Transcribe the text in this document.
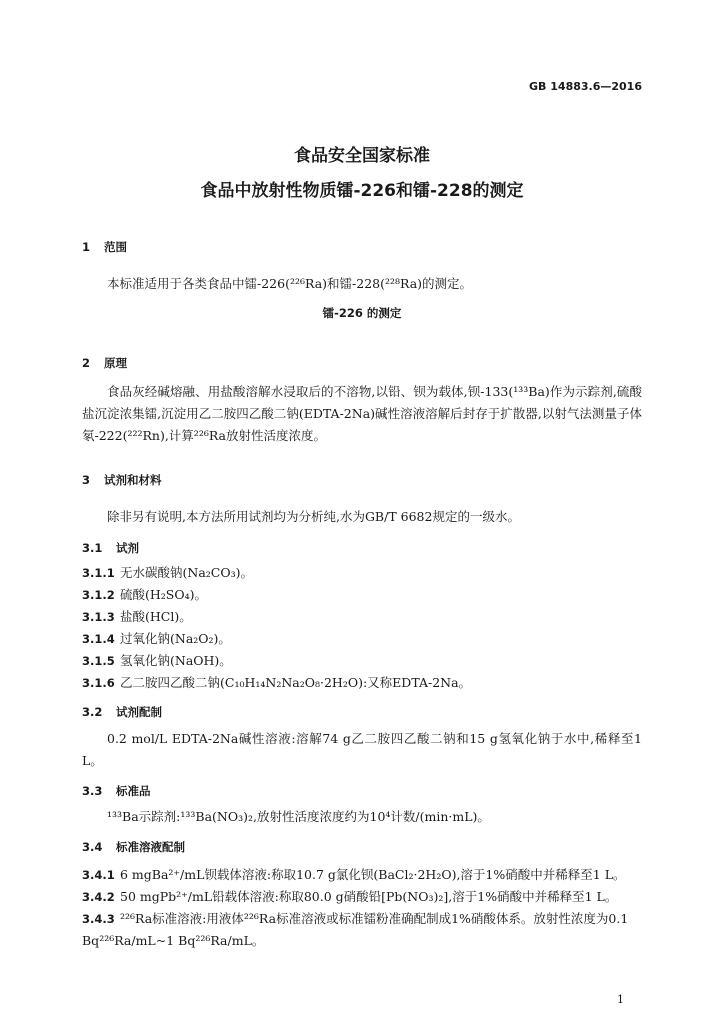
GB 14883.6—2016
食品安全国家标准
食品中放射性物质镭-226和镭-228的测定
1 范围
本标准适用于各类食品中镭-226(²²⁶Ra)和镭-228(²²⁸Ra)的测定。
镭-226 的测定
2 原理
食品灰经碱熔融、用盐酸溶解水浸取后的不溶物,以铅、钡为载体,钡-133(¹³³Ba)作为示踪剂,硫酸盐沉淀浓集镭,沉淀用乙二胺四乙酸二钠(EDTA-2Na)碱性溶液溶解后封存于扩散器,以射气法测量子体氡-222(²²²Rn),计算²²⁶Ra放射性活度浓度。
3 试剂和材料
除非另有说明,本方法所用试剂均为分析纯,水为GB/T 6682规定的一级水。
3.1 试剂
3.1.1 无水碳酸钠(Na₂CO₃)。
3.1.2 硫酸(H₂SO₄)。
3.1.3 盐酸(HCl)。
3.1.4 过氧化钠(Na₂O₂)。
3.1.5 氢氧化钠(NaOH)。
3.1.6 乙二胺四乙酸二钠(C₁₀H₁₄N₂Na₂O₈·2H₂O):又称EDTA-2Na。
3.2 试剂配制
0.2 mol/L EDTA-2Na碱性溶液:溶解74 g乙二胺四乙酸二钠和15 g氢氧化钠于水中,稀释至1 L。
3.3 标准品
¹³³Ba示踪剂:¹³³Ba(NO₃)₂,放射性活度浓度约为10⁴计数/(min·mL)。
3.4 标准溶液配制
3.4.1 6 mgBa²⁺/mL钡载体溶液:称取10.7 g氯化钡(BaCl₂·2H₂O),溶于1%硝酸中并稀释至1 L。
3.4.2 50 mgPb²⁺/mL铅载体溶液:称取80.0 g硝酸铅[Pb(NO₃)₂],溶于1%硝酸中并稀释至1 L。
3.4.3 ²²⁶Ra标准溶液:用液体²²⁶Ra标准溶液或标准镭粉准确配制成1%硝酸体系。放射性浓度为0.1 Bq²²⁶Ra/mL~1 Bq²²⁶Ra/mL。
1
